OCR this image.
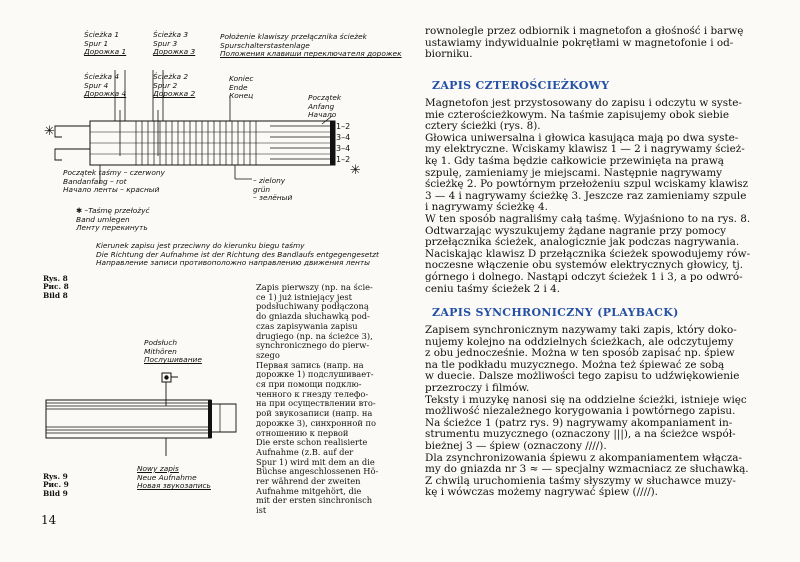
Ścieżka 1
Spur 1
Дорожка 1
Ścieżka 3
Spur 3
Дорожка 3
Ścieżka 4
Spur 4
Дорожка 4
Ścieżka 2
Spur 2
Дорожка 2
Położenie klawiszy przełącznika ścieżek
Spurschalterstastenlage
Положения клавиши переключателя дорожек
Koniec
Ende
Конец	Początek
Anfang
Начало
✳
✳
1–2
3–4
3–4
1–2
Początek taśmy – czerwony
Bandanfang – rot
Начало ленты – красный
– zielony
grün
– зелёный
✱ –Taśmę przełożyć
Band umlegen
Ленту перекинуть
Kierunek zapisu jest przeciwny do kierunku biegu taśmy
Die Richtung der Aufnahme ist der Richtung des Bandlaufs entgegengesetzt
Направление записи противоположно направлению движения ленты
Rys. 8
Рис. 8
Bild 8
Podsłuch
Mithören
Послушивание
Nowy zapis
Neue Aufnahme
Новая звукозапись
Rys. 9
Рис. 9
Bild 9

Zapis pierwszy (np. na ście-

ce 1) już istniejący jest

podsłuchiwany podłączoną

do gniazda słuchawką pod-

czas zapisywania zapisu

drugiego (np. na ścieżce 3),

synchronicznego do pierw-

szego

Первая запись (напр. на

дорожке 1) подслушивает-

ся при помощи подклю-

ченного к гнезду телефо-

на при осуществлении вто-

рой звукозаписи (напр. на

дорожке 3), синхронной по

отношению к первой

Die erste schon realisierte

Aufnahme (z.B. auf der

Spur 1) wird mit dem an die

Büchse angeschlossenen Hö-

rer während der zweiten

Aufnahme mitgehört, die

mit der ersten sinchronisch

ist

rownolegle przez odbiornik i magnetofon a głośność i barwę

ustawiamy indywidualnie pokrętłami w magnetofonie i od-

biorniku.

ZAPIS CZTEROŚCIEŻKOWY

Magnetofon jest przystosowany do zapisu i odczytu w syste-

mie czterościeżkowym. Na taśmie zapisujemy obok siebie

cztery ścieżki (rys. 8).

Głowica uniwersalna i głowica kasująca mają po dwa syste-

my elektryczne. Wciskamy klawisz 1 — 2 i nagrywamy ścież-

kę 1. Gdy taśma będzie całkowicie przewinięta na prawą

szpulę, zamieniamy je miejscami. Następnie nagrywamy

ścieżkę 2. Po powtórnym przełożeniu szpul wciskamy klawisz

3 — 4 i nagrywamy ścieżkę 3. Jeszcze raz zamieniamy szpule

i nagrywamy ścieżkę 4.

W ten sposób nagraliśmy całą taśmę. Wyjaśniono to na rys. 8.

Odtwarzając wyszukujemy żądane nagranie przy pomocy

przełącznika ścieżek, analogicznie jak podczas nagrywania.

Naciskając klawisz D przełącznika ścieżek spowodujemy rów-

noczesne włączenie obu systemów elektrycznych głowicy, tj.

górnego i dolnego. Nastąpi odczyt ścieżek 1 i 3, a po odwró-

ceniu taśmy ścieżek 2 i 4.

ZAPIS SYNCHRONICZNY (PLAYBACK)

Zapisem synchronicznym nazywamy taki zapis, który doko-

nujemy kolejno na oddzielnych ścieżkach, ale odczytujemy

z obu jednocześnie. Można w ten sposób zapisać np. śpiew

na tle podkładu muzycznego. Można też śpiewać ze sobą

w duecie. Dalsze możliwości tego zapisu to udźwiękowienie

przezroczy i filmów.

Teksty i muzykę nanosi się na oddzielne ścieżki, istnieje więc

możliwość niezależnego korygowania i powtórnego zapisu.

Na ścieżce 1 (patrz rys. 9) nagrywamy akompaniament in-

strumentu muzycznego (oznaczony |||), a na ścieżce współ-

bieżnej 3 — śpiew (oznaczony ////).

Dla zsynchronizowania śpiewu z akompaniamentem włącza-

my do gniazda nr 3 ≈ — specjalny wzmacniacz ze słuchawką.

Z chwilą uruchomienia taśmy słyszymy w słuchawce muzy-

kę i wówczas możemy nagrywać śpiew (////).

14
